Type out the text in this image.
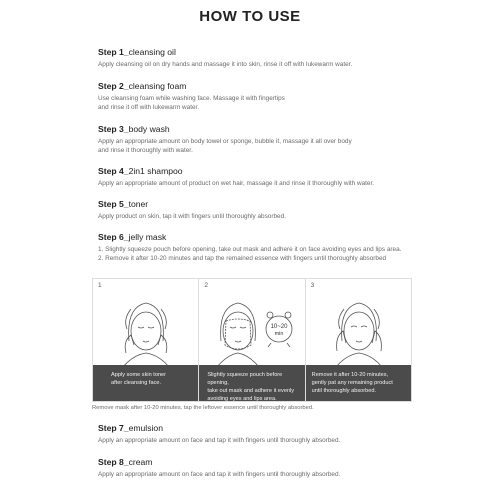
HOW TO USE
Step 1_cleansing oil
Apply cleansing oil on dry hands and massage it into skin, rinse it off with lukewarm water.
Step 2_cleansing foam
Use cleansing foam while washing face. Massage it with fingertips
and rinse it off with lukewarm water.
Step 3_body wash
Apply an appropriate amount on body towel or sponge, bubble it, massage it all over body
and rinse it thoroughly with water.
Step 4_2in1 shampoo
Apply an appropriate amount of product on wet hair, massage it and rinse it thoroughly with water.
Step 5_toner
Apply product on skin, tap it with fingers until thoroughly absorbed.
Step 6_jelly mask
1. Slightly squeeze pouch before opening, take out mask and adhere it on face avoiding eyes and lips area.
2. Remove it after 10-20 minutes and tap the remained essence with fingers until thoroughly absorbed
1
Apply some skin toner
after cleansing face.
10~20
min
2
Slightly squeeze pouch before opening,
take out mask and adhere it evenly
avoiding eyes and lips area.
3
Remove it after 10-20 minutes,
gently pat any remaining product
until thoroughly absorbed.
Remove mask after 10-20 minutes, tap the leftover essence until thoroughly absorbed.
Step 7_emulsion
Apply an appropriate amount on face and tap it with fingers until thoroughly absorbed.
Step 8_cream
Apply an appropriate amount on face and tap it with fingers until thoroughly absorbed.
